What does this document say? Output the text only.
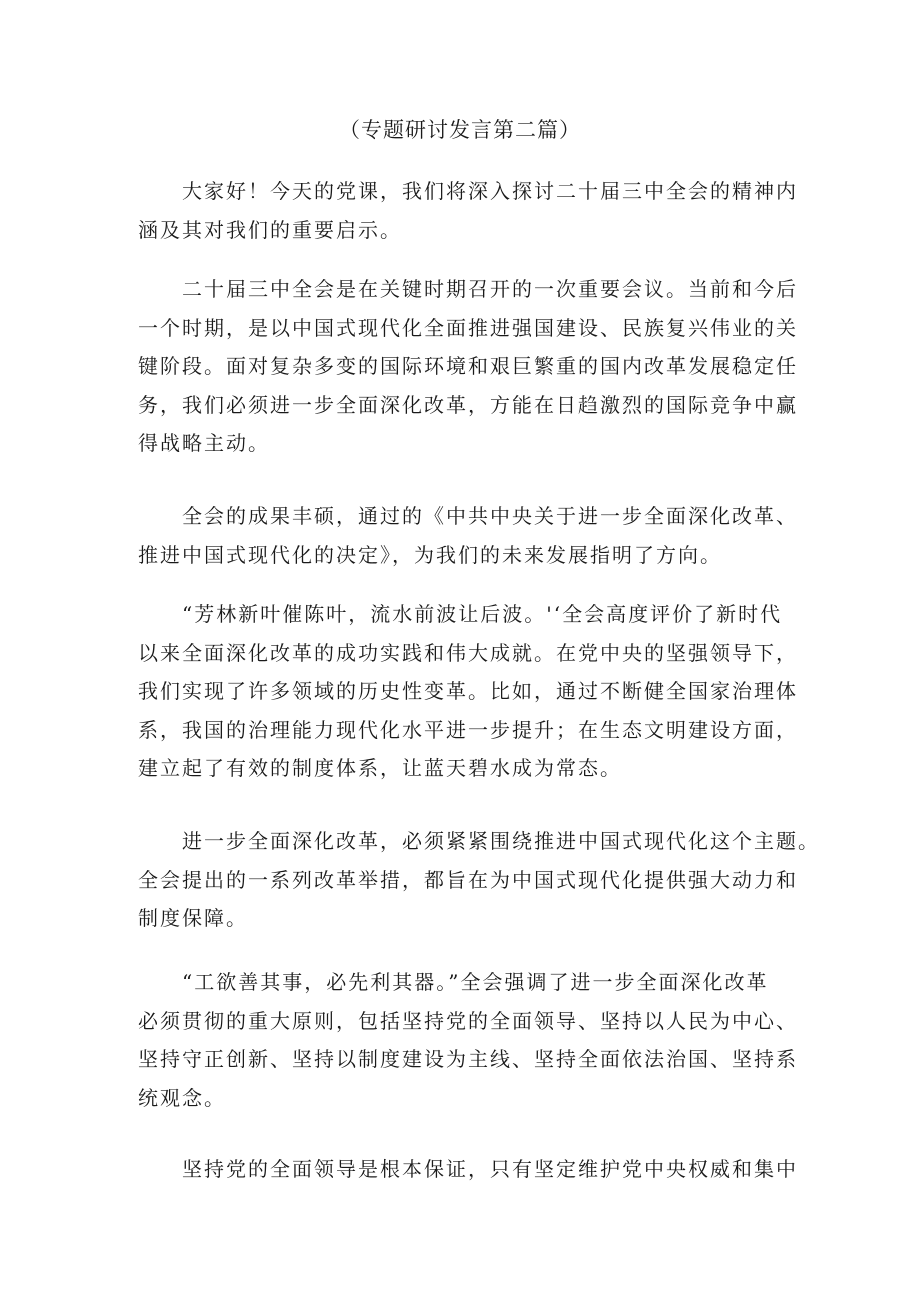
（专题研讨发言第二篇）

大家好！今天的党课，我们将深入探讨二十届三中全会的精神内
涵及其对我们的重要启示。

二十届三中全会是在关键时期召开的一次重要会议。当前和今后
一个时期，是以中国式现代化全面推进强国建设、民族复兴伟业的关
键阶段。面对复杂多变的国际环境和艰巨繁重的国内改革发展稳定任
务，我们必须进一步全面深化改革，方能在日趋激烈的国际竞争中赢
得战略主动。

全会的成果丰硕，通过的《中共中央关于进一步全面深化改革、
推进中国式现代化的决定》，为我们的未来发展指明了方向。

“芳林新叶催陈叶，流水前波让后波。'‘全会高度评价了新时代
以来全面深化改革的成功实践和伟大成就。在党中央的坚强领导下，
我们实现了许多领域的历史性变革。比如，通过不断健全国家治理体
系，我国的治理能力现代化水平进一步提升；在生态文明建设方面，
建立起了有效的制度体系，让蓝天碧水成为常态。

进一步全面深化改革，必须紧紧围绕推进中国式现代化这个主题。
全会提出的一系列改革举措，都旨在为中国式现代化提供强大动力和
制度保障。

“工欲善其事，必先利其器。”全会强调了进一步全面深化改革
必须贯彻的重大原则，包括坚持党的全面领导、坚持以人民为中心、
坚持守正创新、坚持以制度建设为主线、坚持全面依法治国、坚持系
统观念。

坚持党的全面领导是根本保证，只有坚定维护党中央权威和集中
